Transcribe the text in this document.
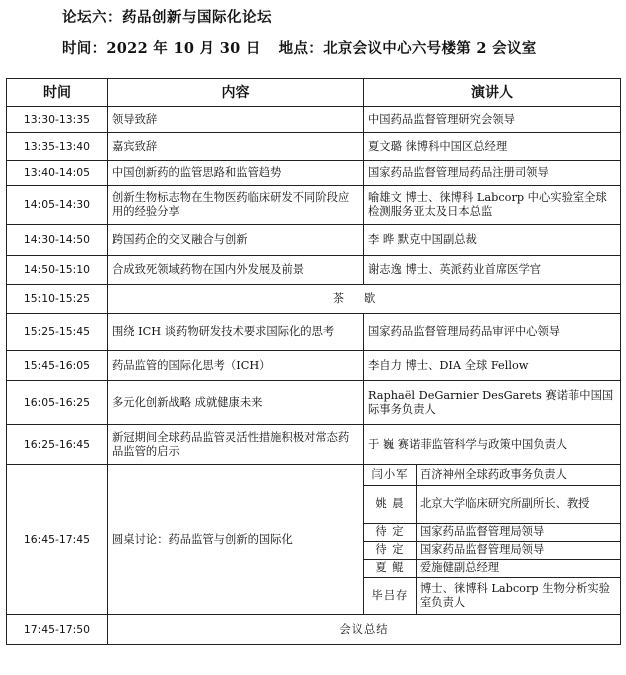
论坛六：药品创新与国际化论坛
时间：2022 年 10 月 30 日 地点：北京会议中心六号楼第 2 会议室
时间	内容	演讲人
13:30-13:35	领导致辞	中国药品监督管理研究会领导
13:35-13:40	嘉宾致辞	夏文璐 徕博科中国区总经理
13:40-14:05	中国创新药的监管思路和监管趋势	国家药品监督管理局药品注册司领导
14:05-14:30	创新生物标志物在生物医药临床研发不同阶段应用的经验分享	喻雄文 博士、徕博科 Labcorp 中心实验室全球检测服务亚太及日本总监
14:30-14:50	跨国药企的交叉融合与创新	李 晔 默克中国副总裁
14:50-15:10	合成致死领域药物在国内外发展及前景	谢志逸 博士、英派药业首席医学官
15:10-15:25	茶歇
15:25-15:45	围绕 ICH 谈药物研发技术要求国际化的思考	国家药品监督管理局药品审评中心领导
15:45-16:05	药品监管的国际化思考（ICH）	李自力 博士、DIA 全球 Fellow
16:05-16:25	多元化创新战略 成就健康未来	Raphaël DeGarnier DesGarets 赛诺菲中国国际事务负责人
16:25-16:45	新冠期间全球药品监管灵活性措施积极对常态药品监管的启示	于 巍 赛诺菲监管科学与政策中国负责人
16:45-17:45	圆桌讨论：药品监管与创新的国际化	
闫小军	百济神州全球药政事务负责人
姚 晨	北京大学临床研究所副所长、教授
待 定	国家药品监督管理局领导
待 定	国家药品监督管理局领导
夏 鲲	爱施健副总经理
毕吕存	博士、徕博科 Labcorp 生物分析实验室负责人

17:45-17:50	会议总结
